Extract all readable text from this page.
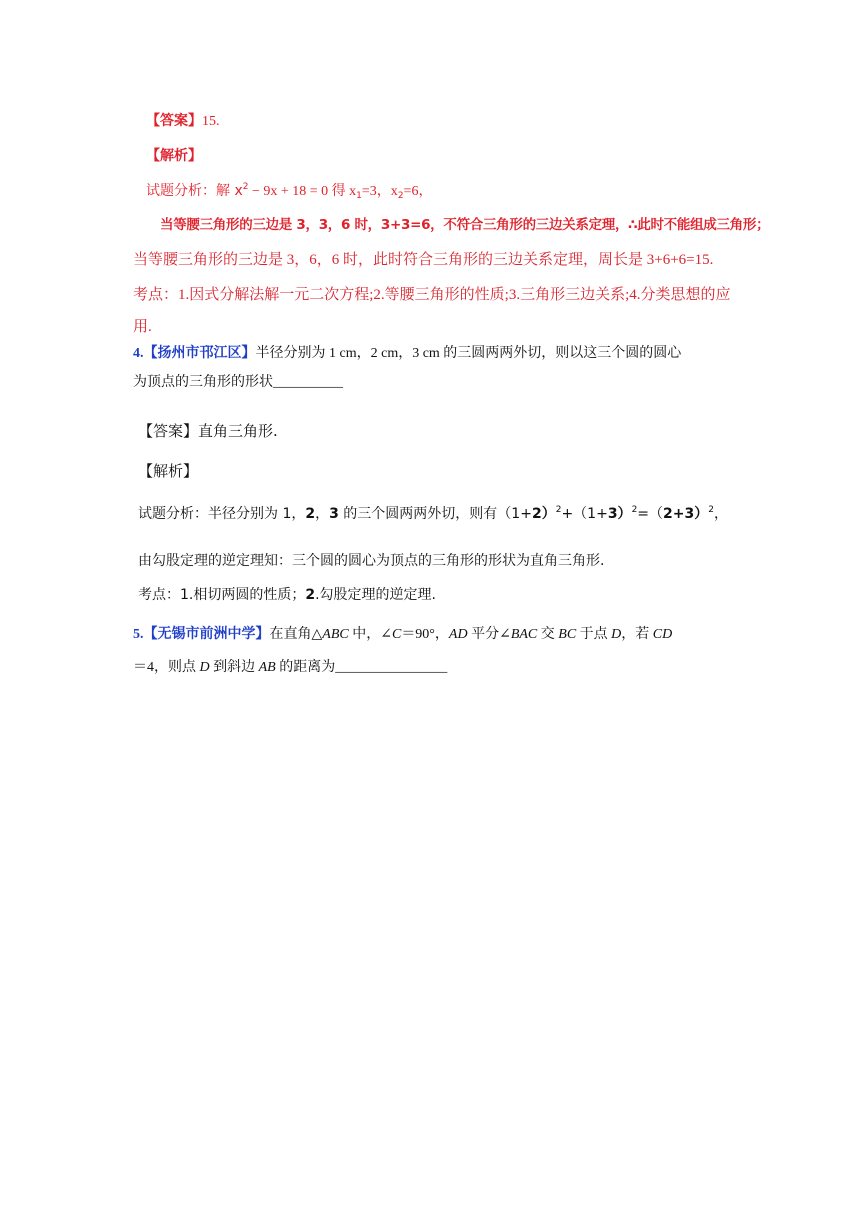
【答案】15.
【解析】
试题分析：解 $x^2 - 9x + 18 = 0$ 得 $x_1=3$，$x_2=6$，
当等腰三角形的三边是 3，3，6 时，3+3=6，不符合三角形的三边关系定理，∴此时不能组成三角形；
当等腰三角形的三边是 3，6，6 时，此时符合三角形的三边关系定理，周长是 3+6+6=15.
考点：1.因式分解法解一元二次方程;2.等腰三角形的性质;3.三角形三边关系;4.分类思想的应
用.
4.【扬州市邗江区】半径分别为 1 cm，2 cm，3 cm 的三圆两两外切，则以这三个圆的圆心
为顶点的三角形的形状__________
【答案】直角三角形.
【解析】
试题分析：半径分别为 1，2，3 的三个圆两两外切，则有$(1+2)^2+(1+3)^2=(2+3)^2$，
由勾股定理的逆定理知：三个圆的圆心为顶点的三角形的形状为直角三角形.
考点：1.相切两圆的性质；2.勾股定理的逆定理.
5.【无锡市前洲中学】在直角△ABC 中，∠C＝90°，AD 平分∠BAC 交 BC 于点 D，若 CD
＝4，则点 D 到斜边 AB 的距离为________________
